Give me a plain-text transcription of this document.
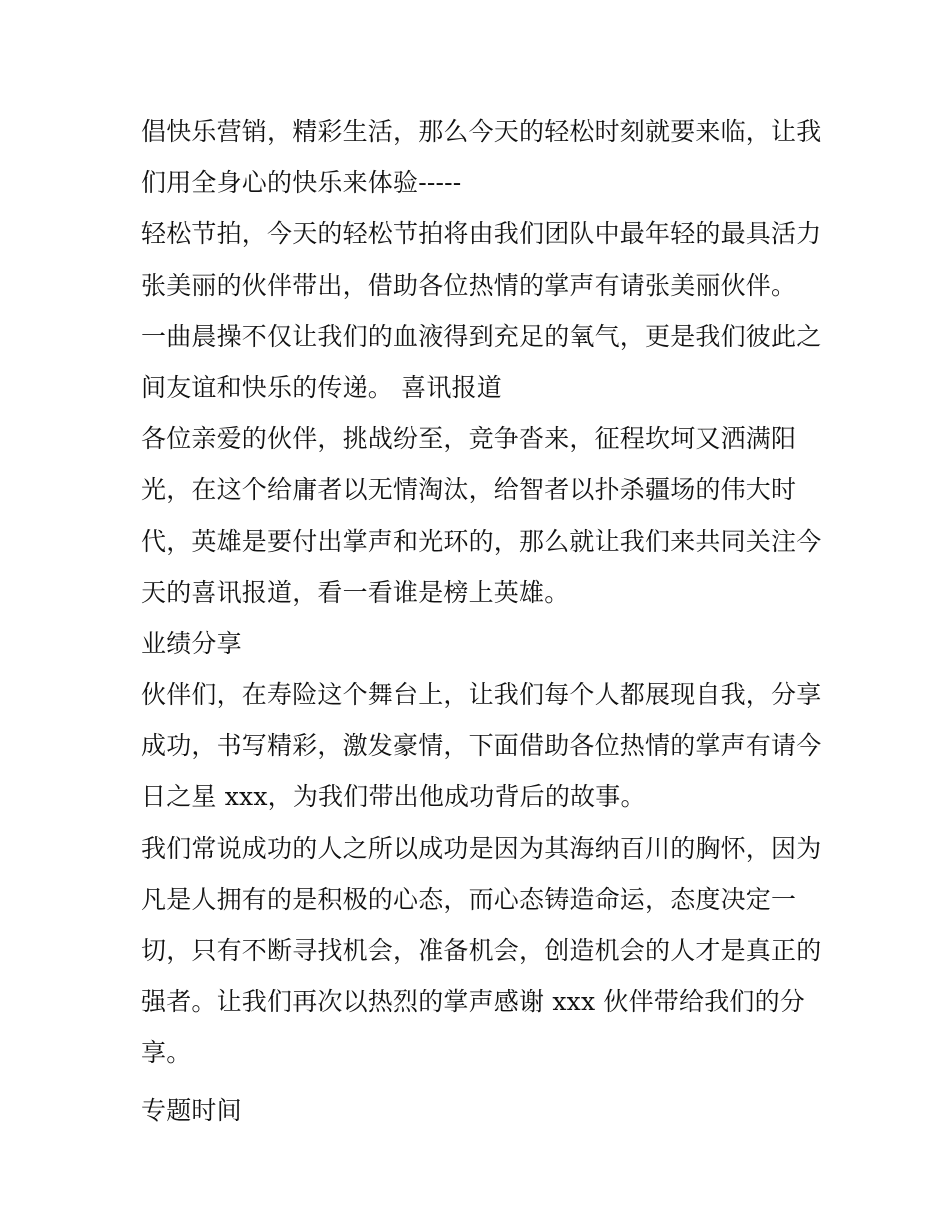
倡快乐营销，精彩生活，那么今天的轻松时刻就要来临，让我
们用全身心的快乐来体验-----
轻松节拍，今天的轻松节拍将由我们团队中最年轻的最具活力
张美丽的伙伴带出，借助各位热情的掌声有请张美丽伙伴。
一曲晨操不仅让我们的血液得到充足的氧气，更是我们彼此之
间友谊和快乐的传递。 喜讯报道
各位亲爱的伙伴，挑战纷至，竞争沓来，征程坎坷又洒满阳
光，在这个给庸者以无情淘汰，给智者以扑杀疆场的伟大时
代，英雄是要付出掌声和光环的，那么就让我们来共同关注今
天的喜讯报道，看一看谁是榜上英雄。
业绩分享
伙伴们，在寿险这个舞台上，让我们每个人都展现自我，分享
成功，书写精彩，激发豪情，下面借助各位热情的掌声有请今
日之星 xxx，为我们带出他成功背后的故事。
我们常说成功的人之所以成功是因为其海纳百川的胸怀，因为
凡是人拥有的是积极的心态，而心态铸造命运，态度决定一
切，只有不断寻找机会，准备机会，创造机会的人才是真正的
强者。让我们再次以热烈的掌声感谢 xxx 伙伴带给我们的分
享。
专题时间
